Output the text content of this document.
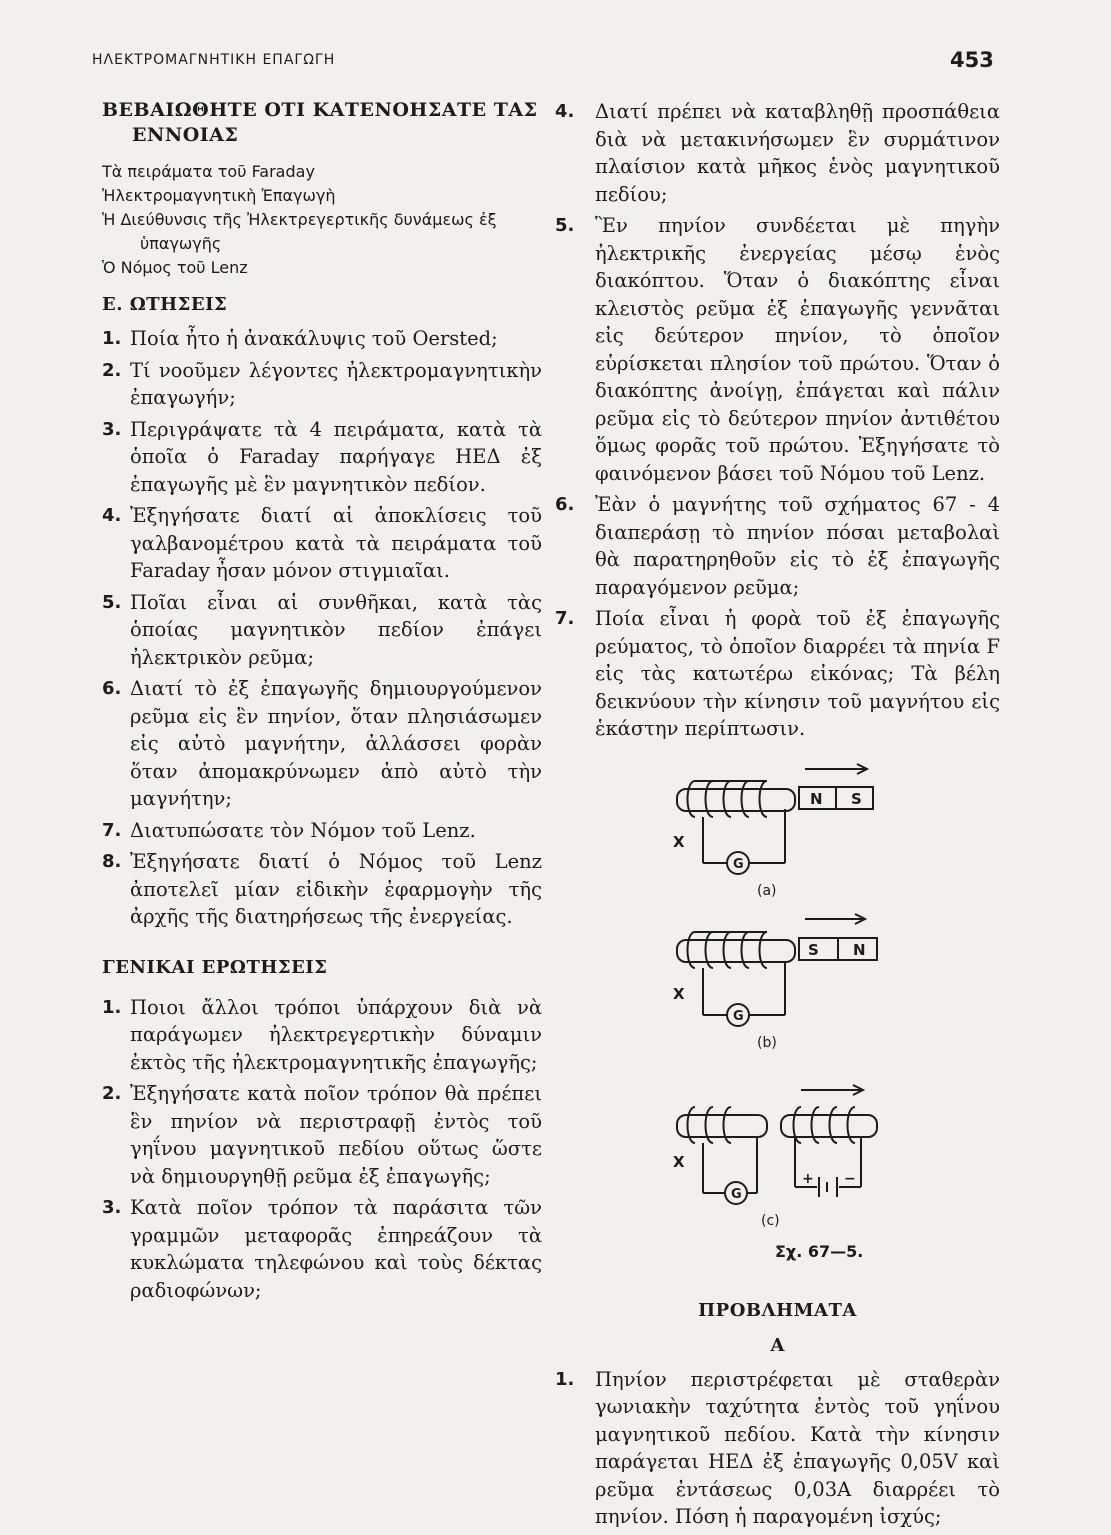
ΗΛΕΚΤΡΟΜΑΓΝΗΤΙΚΗ ΕΠΑΓΩΓΗ	453
ΒΕΒΑΙΩΘΗΤΕ ΟΤΙ ΚΑΤΕΝΟΗΣΑΤΕ ΤΑΣ
ΕΝΝΟΙΑΣ
Τὰ πειράματα τοῦ Faraday
Ἠλεκτρομαγνητικὴ Ἐπαγωγὴ
Ἡ Διεύθυνσις τῆς Ἠλεκτρεγερτικῆς δυνάμεως ἐξ ὑπαγωγῆς
Ὁ Νόμος τοῦ Lenz
Ε. ΩΤΗΣΕΙΣ
1. Ποία ἦτο ἡ ἀνακάλυψις τοῦ Oersted;
2. Τί νοοῦμεν λέγοντες ἠλεκτρομαγνητικὴν ἐπαγωγήν;
3. Περιγράψατε τὰ 4 πειράματα, κατὰ τὰ ὁποῖα ὁ Faraday παρήγαγε ΗΕΔ ἐξ ἐπαγωγῆς μὲ ἓν μαγνητικὸν πεδίον.
4. Ἐξηγήσατε διατί αἱ ἀποκλίσεις τοῦ γαλβανομέτρου κατὰ τὰ πειράματα τοῦ Faraday ἦσαν μόνον στιγμιαῖαι.
5. Ποῖαι εἶναι αἱ συνθῆκαι, κατὰ τὰς ὁποίας μαγνητικὸν πεδίον ἐπάγει ἠλεκτρικὸν ρεῦμα;
6. Διατί τὸ ἐξ ἐπαγωγῆς δημιουργούμενον ρεῦμα εἰς ἓν πηνίον, ὅταν πλησιάσωμεν εἰς αὐτὸ μαγνήτην, ἀλλάσσει φορὰν ὅταν ἀπομακρύνωμεν ἀπὸ αὐτὸ τὴν μαγνήτην;
7. Διατυπώσατε τὸν Νόμον τοῦ Lenz.
8. Ἐξηγήσατε διατί ὁ Νόμος τοῦ Lenz ἀποτελεῖ μίαν εἰδικὴν ἐφαρμογὴν τῆς ἀρχῆς τῆς διατηρήσεως τῆς ἐνεργείας.
ΓΕΝΙΚΑΙ ΕΡΩΤΗΣΕΙΣ
1. Ποιοι ἄλλοι τρόποι ὑπάρχουν διὰ νὰ παράγωμεν ἠλεκτρεγερτικὴν δύναμιν ἐκτὸς τῆς ἠλεκτρομαγνητικῆς ἐπαγωγῆς;
2. Ἐξηγήσατε κατὰ ποῖον τρόπον θὰ πρέπει ἓν πηνίον νὰ περιστραφῇ ἐντὸς τοῦ γηΐνου μαγνητικοῦ πεδίου οὕτως ὥστε νὰ δημιουργηθῇ ρεῦμα ἐξ ἐπαγωγῆς;
3. Κατὰ ποῖον τρόπον τὰ παράσιτα τῶν γραμμῶν μεταφορᾶς ἐπηρεάζουν τὰ κυκλώματα τηλεφώνου καὶ τοὺς δέκτας ραδιοφώνων;
4. Διατί πρέπει νὰ καταβληθῇ προσπάθεια διὰ νὰ μετακινήσωμεν ἓν συρμάτινον πλαίσιον κατὰ μῆκος ἑνὸς μαγνητικοῦ πεδίου;
5. Ἓν πηνίον συνδέεται μὲ πηγὴν ἠλεκτρικῆς ἐνεργείας μέσῳ ἑνὸς διακόπτου. Ὅταν ὁ διακόπτης εἶναι κλειστὸς ρεῦμα ἐξ ἐπαγωγῆς γεννᾶται εἰς δεύτερον πηνίον, τὸ ὁποῖον εὑρίσκεται πλησίον τοῦ πρώτου. Ὅταν ὁ διακόπτης ἀνοίγῃ, ἐπάγεται καὶ πάλιν ρεῦμα εἰς τὸ δεύτερον πηνίον ἀντιθέτου ὅμως φορᾶς τοῦ πρώτου. Ἐξηγήσατε τὸ φαινόμενον βάσει τοῦ Νόμου τοῦ Lenz.
6. Ἐὰν ὁ μαγνήτης τοῦ σχήματος 67 - 4 διαπεράσῃ τὸ πηνίον πόσαι μεταβολαὶ θὰ παρατηρηθοῦν εἰς τὸ ἐξ ἐπαγωγῆς παραγόμενον ρεῦμα;
7. Ποία εἶναι ἡ φορὰ τοῦ ἐξ ἐπαγωγῆς ρεύματος, τὸ ὁποῖον διαρρέει τὰ πηνία F εἰς τὰς κατωτέρω εἰκόνας; Τὰ βέλη δεικνύουν τὴν κίνησιν τοῦ μαγνήτου εἰς ἑκάστην περίπτωσιν.
X
G
N S
(a)
X
G
S N
(b)
X
G
+ −
(c)
Σχ. 67—5.
ΠΡΟΒΛΗΜΑΤΑ
Α
1. Πηνίον περιστρέφεται μὲ σταθερὰν γωνιακὴν ταχύτητα ἐντὸς τοῦ γηΐνου μαγνητικοῦ πεδίου. Κατὰ τὴν κίνησιν παράγεται ΗΕΔ ἐξ ἐπαγωγῆς 0,05V καὶ ρεῦμα ἐντάσεως 0,03Α διαρρέει τὸ πηνίον. Πόση ἡ παραγομένη ἰσχύς;
